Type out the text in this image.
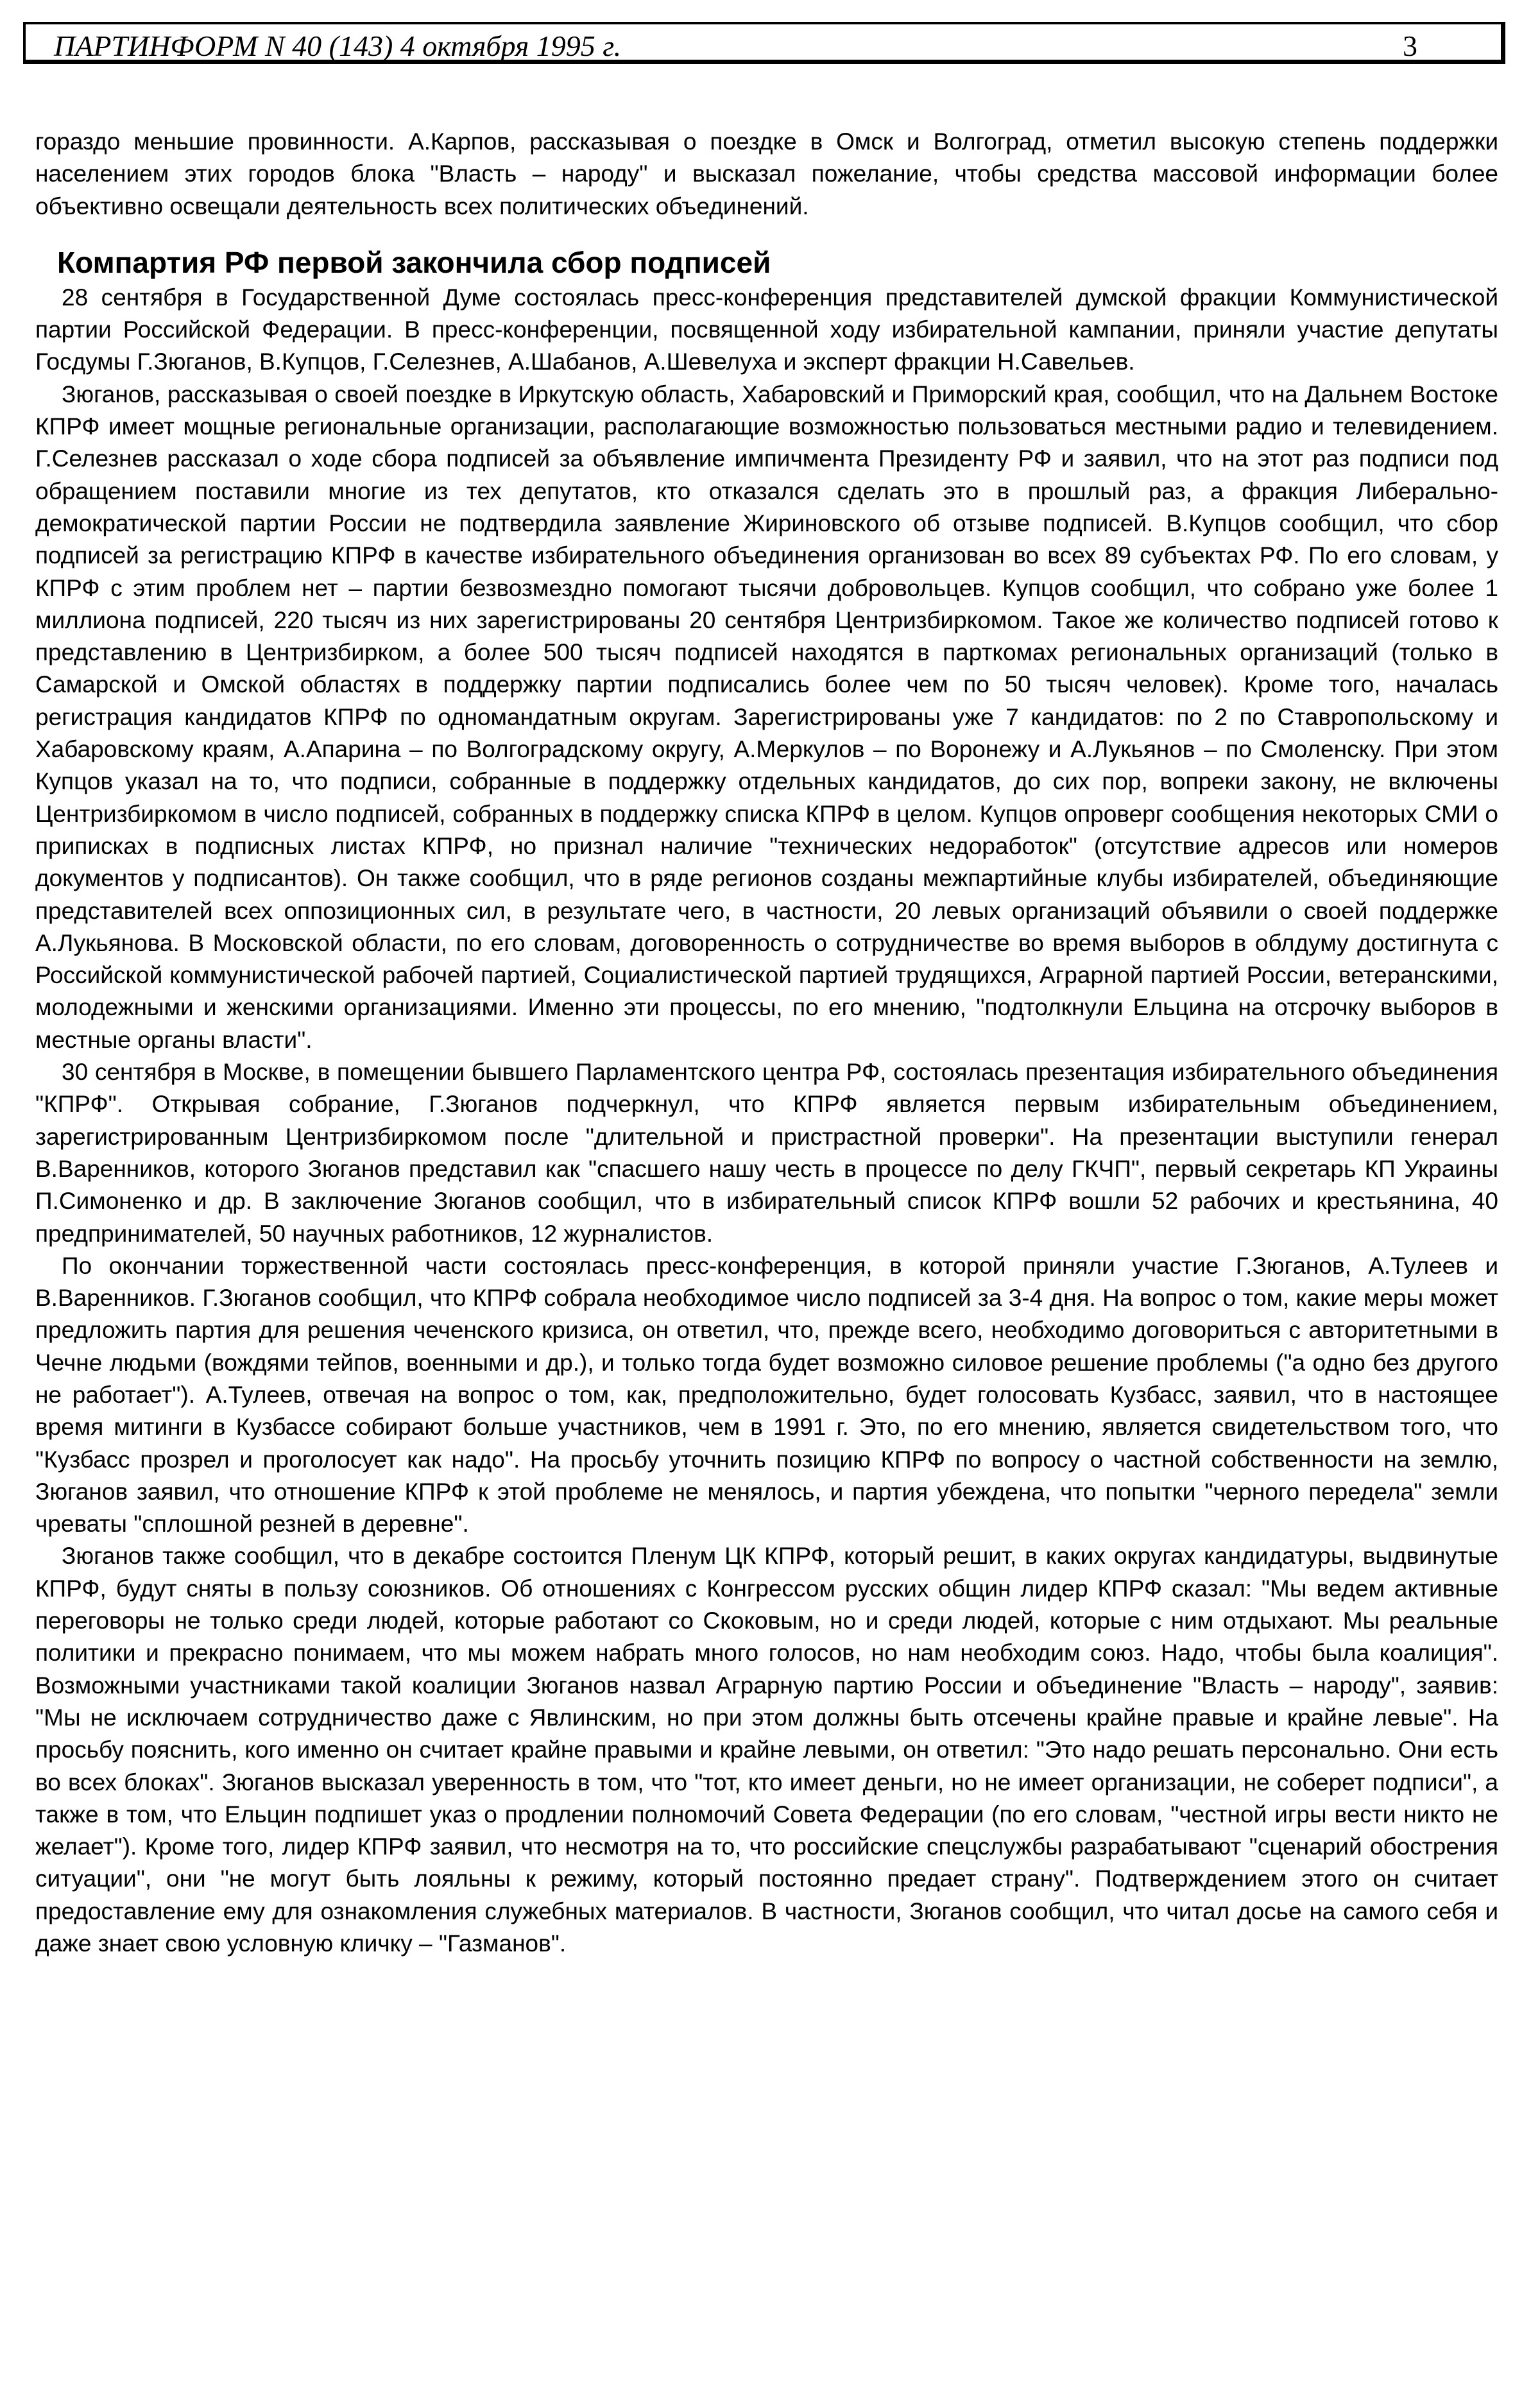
ПАРТИНФОРМ N 40 (143) 4 октября 1995 г.	3

гораздо меньшие провинности. А.Карпов, рассказывая о поездке в Омск и Волгоград, отметил высокую степень поддержки населением этих городов блока "Власть – народу" и высказал пожелание, чтобы средства массовой информации более объективно освещали деятельность всех политических объединений.

Компартия РФ первой закончила сбор подписей

28 сентября в Государственной Думе состоялась пресс-конференция представителей думской фракции Коммунистической партии Российской Федерации. В пресс-конференции, посвященной ходу избирательной кампании, приняли участие депутаты Госдумы Г.Зюганов, В.Купцов, Г.Селезнев, А.Шабанов, А.Шевелуха и эксперт фракции Н.Савельев.

Зюганов, рассказывая о своей поездке в Иркутскую область, Хабаровский и Приморский края, сообщил, что на Дальнем Востоке КПРФ имеет мощные региональные организации, располагающие возможностью пользоваться местными радио и телевидением. Г.Селезнев рассказал о ходе сбора подписей за объявление импичмента Президенту РФ и заявил, что на этот раз подписи под обращением поставили многие из тех депутатов, кто отказался сделать это в прошлый раз, а фракция Либерально-демократической партии России не подтвердила заявление Жириновского об отзыве подписей. В.Купцов сообщил, что сбор подписей за регистрацию КПРФ в качестве избирательного объединения организован во всех 89 субъектах РФ. По его словам, у КПРФ с этим проблем нет – партии безвозмездно помогают тысячи добровольцев. Купцов сообщил, что собрано уже более 1 миллиона подписей, 220 тысяч из них зарегистрированы 20 сентября Центризбиркомом. Такое же количество подписей готово к представлению в Центризбирком, а более 500 тысяч подписей находятся в парткомах региональных организаций (только в Самарской и Омской областях в поддержку партии подписались более чем по 50 тысяч человек). Кроме того, началась регистрация кандидатов КПРФ по одномандатным округам. Зарегистрированы уже 7 кандидатов: по 2 по Ставропольскому и Хабаровскому краям, А.Апарина – по Волгоградскому округу, А.Меркулов – по Воронежу и А.Лукьянов – по Смоленску. При этом Купцов указал на то, что подписи, собранные в поддержку отдельных кандидатов, до сих пор, вопреки закону, не включены Центризбиркомом в число подписей, собранных в поддержку списка КПРФ в целом. Купцов опроверг сообщения некоторых СМИ о приписках в подписных листах КПРФ, но признал наличие "технических недоработок" (отсутствие адресов или номеров документов у подписантов). Он также сообщил, что в ряде регионов созданы межпартийные клубы избирателей, объединяющие представителей всех оппозиционных сил, в результате чего, в частности, 20 левых организаций объявили о своей поддержке А.Лукьянова. В Московской области, по его словам, договоренность о сотрудничестве во время выборов в облдуму достигнута с Российской коммунистической рабочей партией, Социалистической партией трудящихся, Аграрной партией России, ветеранскими, молодежными и женскими организациями. Именно эти процессы, по его мнению, "подтолкнули Ельцина на отсрочку выборов в местные органы власти".

30 сентября в Москве, в помещении бывшего Парламентского центра РФ, состоялась презентация избирательного объединения "КПРФ". Открывая собрание, Г.Зюганов подчеркнул, что КПРФ является первым избирательным объединением, зарегистрированным Центризбиркомом после "длительной и пристрастной проверки". На презентации выступили генерал В.Варенников, которого Зюганов представил как "спасшего нашу честь в процессе по делу ГКЧП", первый секретарь КП Украины П.Симоненко и др. В заключение Зюганов сообщил, что в избирательный список КПРФ вошли 52 рабочих и крестьянина, 40 предпринимателей, 50 научных работников, 12 журналистов.

По окончании торжественной части состоялась пресс-конференция, в которой приняли участие Г.Зюганов, А.Тулеев и В.Варенников. Г.Зюганов сообщил, что КПРФ собрала необходимое число подписей за 3-4 дня. На вопрос о том, какие меры может предложить партия для решения чеченского кризиса, он ответил, что, прежде всего, необходимо договориться с авторитетными в Чечне людьми (вождями тейпов, военными и др.), и только тогда будет возможно силовое решение проблемы ("а одно без другого не работает"). А.Тулеев, отвечая на вопрос о том, как, предположительно, будет голосовать Кузбасс, заявил, что в настоящее время митинги в Кузбассе собирают больше участников, чем в 1991 г. Это, по его мнению, является свидетельством того, что "Кузбасс прозрел и проголосует как надо". На просьбу уточнить позицию КПРФ по вопросу о частной собственности на землю, Зюганов заявил, что отношение КПРФ к этой проблеме не менялось, и партия убеждена, что попытки "черного передела" земли чреваты "сплошной резней в деревне".

Зюганов также сообщил, что в декабре состоится Пленум ЦК КПРФ, который решит, в каких округах кандидатуры, выдвинутые КПРФ, будут сняты в пользу союзников. Об отношениях с Конгрессом русских общин лидер КПРФ сказал: "Мы ведем активные переговоры не только среди людей, которые работают со Скоковым, но и среди людей, которые с ним отдыхают. Мы реальные политики и прекрасно понимаем, что мы можем набрать много голосов, но нам необходим союз. Надо, чтобы была коалиция". Возможными участниками такой коалиции Зюганов назвал Аграрную партию России и объединение "Власть – народу", заявив: "Мы не исключаем сотрудничество даже с Явлинским, но при этом должны быть отсечены крайне правые и крайне левые". На просьбу пояснить, кого именно он считает крайне правыми и крайне левыми, он ответил: "Это надо решать персонально. Они есть во всех блоках". Зюганов высказал уверенность в том, что "тот, кто имеет деньги, но не имеет организации, не соберет подписи", а также в том, что Ельцин подпишет указ о продлении полномочий Совета Федерации (по его словам, "честной игры вести никто не желает"). Кроме того, лидер КПРФ заявил, что несмотря на то, что российские спецслужбы разрабатывают "сценарий обострения ситуации", они "не могут быть лояльны к режиму, который постоянно предает страну". Подтверждением этого он считает предоставление ему для ознакомления служебных материалов. В частности, Зюганов сообщил, что читал досье на самого себя и даже знает свою условную кличку – "Газманов".
